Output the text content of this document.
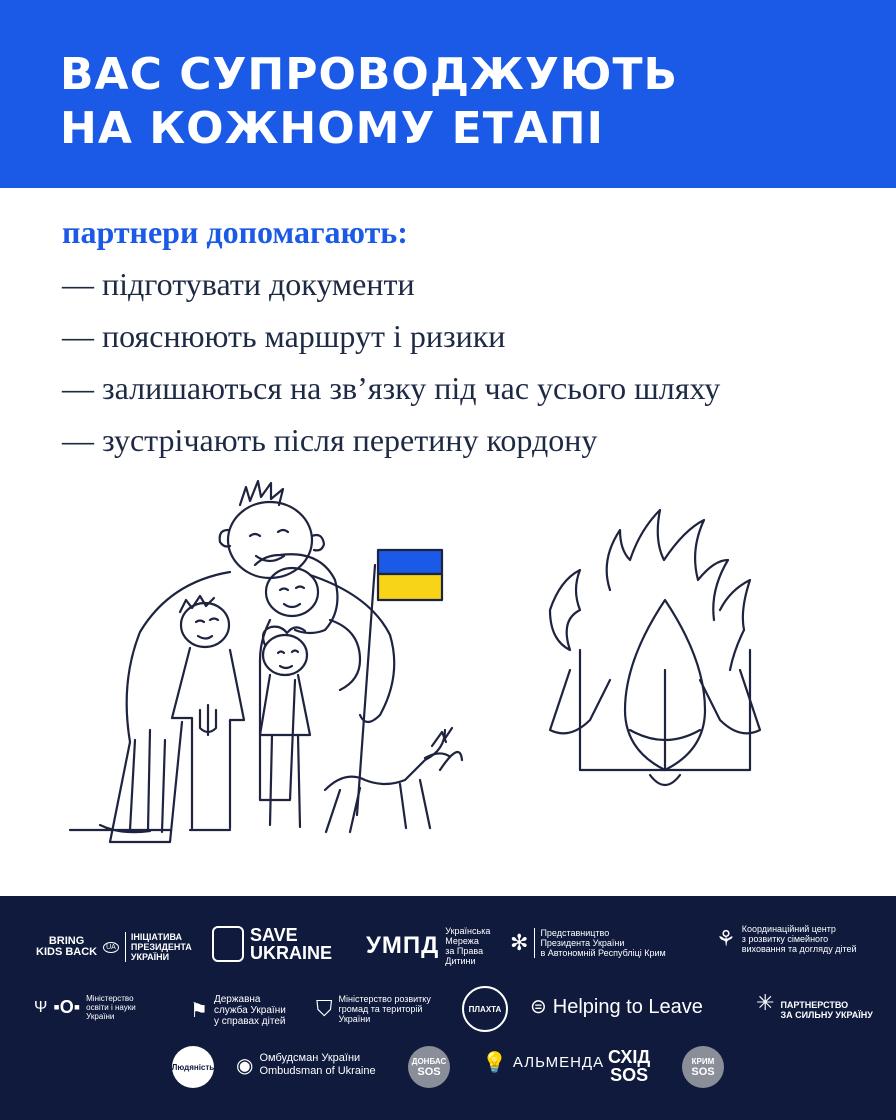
ВАС СУПРОВОДЖУЮТЬ
НА КОЖНОМУ ЕТАПІ
партнери допомагають:
— підготувати документи
— пояснюють маршрут і ризики
— залишаються на зв’язку під час усього шляху
— зустрічають після перетину кордону
BRING
KIDS BACK	UA
ІНІЦІАТИВА
ПРЕЗИДЕНТА
УКРАЇНИ
SAVE
UKRAINE УМПД
Українська
Мережа
за Права
Дитини
✻ Представництво
Президента України
в Автономній Республіці Крим
⚘ Координаційний центр
з розвитку сімейного
виховання та догляду дітей
Ψ ▪O▪ Міністерство
освіти і науки
України	⚑
Державна
служба України
у справах дітей
⛉ Міністерство розвитку
громад та територій
України
ПЛАХТА	⊜ Helping to Leave ✳ ПАРТНЕРСТВО
ЗА СИЛЬНУ УКРАЇНУ
Людяність ◉ Омбудсман України
Ombudsman of Ukraine
ДОНБАС
SOS 💡 АЛЬМЕНДА СХІД
SOS
КРИМ
SOS
